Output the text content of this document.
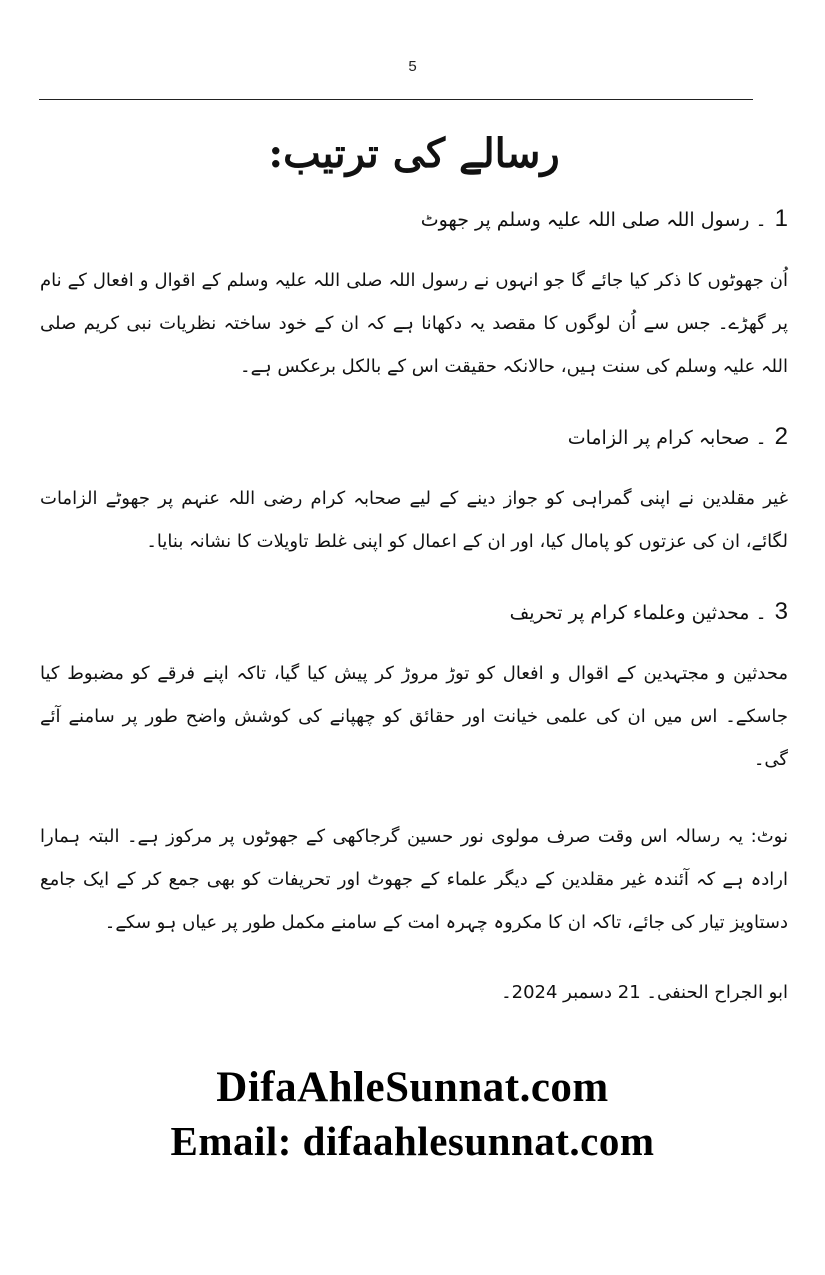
5
رسالے کی ترتیب:
1۔ رسول اللہ صلی اللہ علیہ وسلم پر جھوٹ

اُن جھوٹوں کا ذکر کیا جائے گا جو انہوں نے رسول اللہ صلی اللہ علیہ وسلم کے اقوال و افعال کے نام پر گھڑے۔ جس سے اُن لوگوں کا مقصد یہ دکھانا ہے کہ ان کے خود ساختہ نظریات نبی کریم صلی اللہ علیہ وسلم کی سنت ہیں، حالانکہ حقیقت اس کے بالکل برعکس ہے۔

2۔ صحابہ کرام پر الزامات

غیر مقلدین نے اپنی گمراہی کو جواز دینے کے لیے صحابہ کرام رضی اللہ عنہم پر جھوٹے الزامات لگائے، ان کی عزتوں کو پامال کیا، اور ان کے اعمال کو اپنی غلط تاویلات کا نشانہ بنایا۔

3۔ محدثین وعلماء کرام پر تحریف

محدثین و مجتہدین کے اقوال و افعال کو توڑ مروڑ کر پیش کیا گیا، تاکہ اپنے فرقے کو مضبوط کیا جاسکے۔ اس میں ان کی علمی خیانت اور حقائق کو چھپانے کی کوشش واضح طور پر سامنے آئے گی۔

نوٹ: یہ رسالہ اس وقت صرف مولوی نور حسین گرجاکھی کے جھوٹوں پر مرکوز ہے۔ البتہ ہمارا ارادہ ہے کہ آئندہ غیر مقلدین کے دیگر علماء کے جھوٹ اور تحریفات کو بھی جمع کر کے ایک جامع دستاویز تیار کی جائے، تاکہ ان کا مکروہ چہرہ امت کے سامنے مکمل طور پر عیاں ہو سکے۔

ابو الجراح الحنفی۔ 21 دسمبر 2024۔

DifaAhleSunnat.com
Email: difaahlesunnat.com
